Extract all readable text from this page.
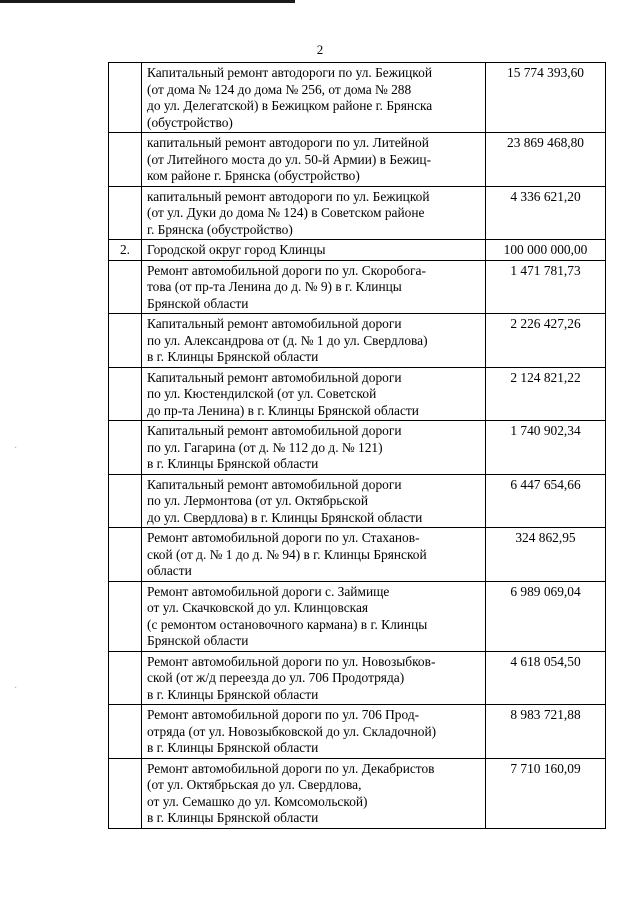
2
·
·
	Капитальный ремонт автодороги по ул. Бежицкой
(от дома № 124 до дома № 256, от дома № 288
до ул. Делегатской) в Бежицком районе г. Брянска
(обустройство)	15 774 393,60
	капитальный ремонт автодороги по ул. Литейной
(от Литейного моста до ул. 50-й Армии) в Бежиц-
ком районе г. Брянска (обустройство)	23 869 468,80
	капитальный ремонт автодороги по ул. Бежицкой
(от ул. Дуки до дома № 124) в Советском районе
г. Брянска (обустройство)	4 336 621,20
2.	Городской округ город Клинцы	100 000 000,00
	Ремонт автомобильной дороги по ул. Скоробога-
това (от пр-та Ленина до д. № 9) в г. Клинцы
Брянской области	1 471 781,73
	Капитальный ремонт автомобильной дороги
по ул. Александрова от (д. № 1 до ул. Свердлова)
в г. Клинцы Брянской области	2 226 427,26
	Капитальный ремонт автомобильной дороги
по ул. Кюстендилской (от ул. Советской
до пр-та Ленина) в г. Клинцы Брянской области	2 124 821,22
	Капитальный ремонт автомобильной дороги
по ул. Гагарина (от д. № 112 до д. № 121)
в г. Клинцы Брянской области	1 740 902,34
	Капитальный ремонт автомобильной дороги
по ул. Лермонтова (от ул. Октябрьской
до ул. Свердлова) в г. Клинцы Брянской области	6 447 654,66
	Ремонт автомобильной дороги по ул. Стаханов-
ской (от д. № 1 до д. № 94) в г. Клинцы Брянской
области	324 862,95
	Ремонт автомобильной дороги с. Займище
от ул. Скачковской до ул. Клинцовская
(с ремонтом остановочного кармана) в г. Клинцы
Брянской области	6 989 069,04
	Ремонт автомобильной дороги по ул. Новозыбков-
ской (от ж/д переезда до ул. 706 Продотряда)
в г. Клинцы Брянской области	4 618 054,50
	Ремонт автомобильной дороги по ул. 706 Прод-
отряда (от ул. Новозыбковской до ул. Складочной)
в г. Клинцы Брянской области	8 983 721,88
	Ремонт автомобильной дороги по ул. Декабристов
(от ул. Октябрьская до ул. Свердлова,
от ул. Семашко до ул. Комсомольской)
в г. Клинцы Брянской области	7 710 160,09
